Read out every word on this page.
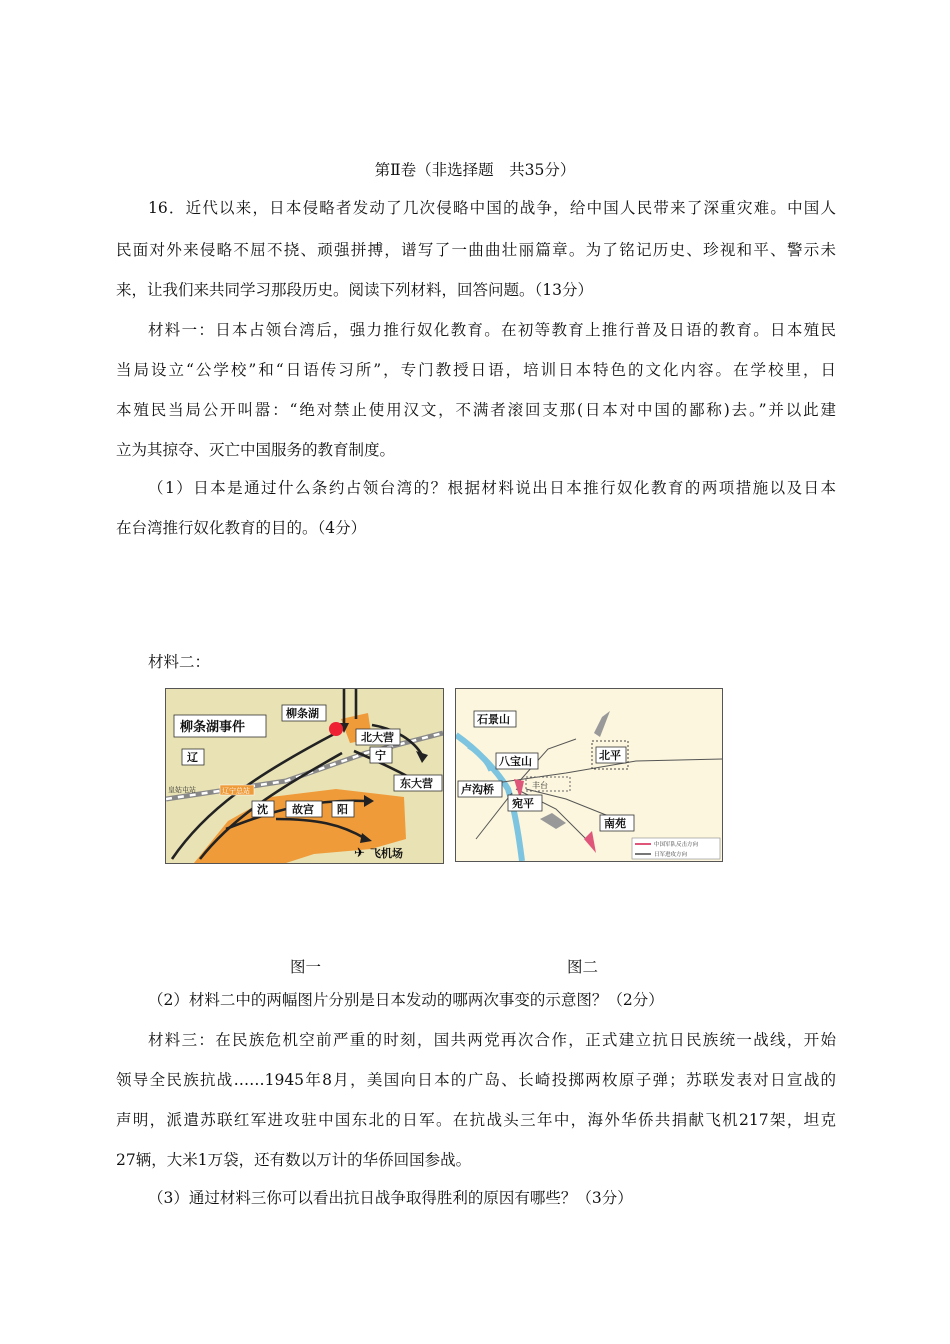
第Ⅱ卷（非选择题　共35分）
16．近代以来，日本侵略者发动了几次侵略中国的战争，给中国人民带来了深重灾难。中国人
民面对外来侵略不屈不挠、顽强拼搏，谱写了一曲曲壮丽篇章。为了铭记历史、珍视和平、警示未
来，让我们来共同学习那段历史。阅读下列材料，回答问题。（13分）
材料一：日本占领台湾后，强力推行奴化教育。在初等教育上推行普及日语的教育。日本殖民
当局设立“公学校”和“日语传习所”，专门教授日语，培训日本特色的文化内容。在学校里，日
本殖民当局公开叫嚣：“绝对禁止使用汉文，不满者滚回支那(日本对中国的鄙称)去。”并以此建
立为其掠夺、灭亡中国服务的教育制度。
（1）日本是通过什么条约占领台湾的？根据材料说出日本推行奴化教育的两项措施以及日本
在台湾推行奴化教育的目的。（4分）
材料二：
柳条湖事件
柳条湖
北大营
东大营
辽	宁
沈 故宫 阳
✈ 飞机场
皇姑屯站	辽宁总站
石景山
八宝山	北平
卢沟桥	丰台
宛平
南苑
中国军队反击方向
日军进攻方向
图一	图二
（2）材料二中的两幅图片分别是日本发动的哪两次事变的示意图？（2分）
材料三：在民族危机空前严重的时刻，国共两党再次合作，正式建立抗日民族统一战线，开始
领导全民族抗战……1945年8月，美国向日本的广岛、长崎投掷两枚原子弹；苏联发表对日宣战的
声明，派遣苏联红军进攻驻中国东北的日军。在抗战头三年中，海外华侨共捐献飞机217架，坦克
27辆，大米1万袋，还有数以万计的华侨回国参战。
（3）通过材料三你可以看出抗日战争取得胜利的原因有哪些？（3分）
